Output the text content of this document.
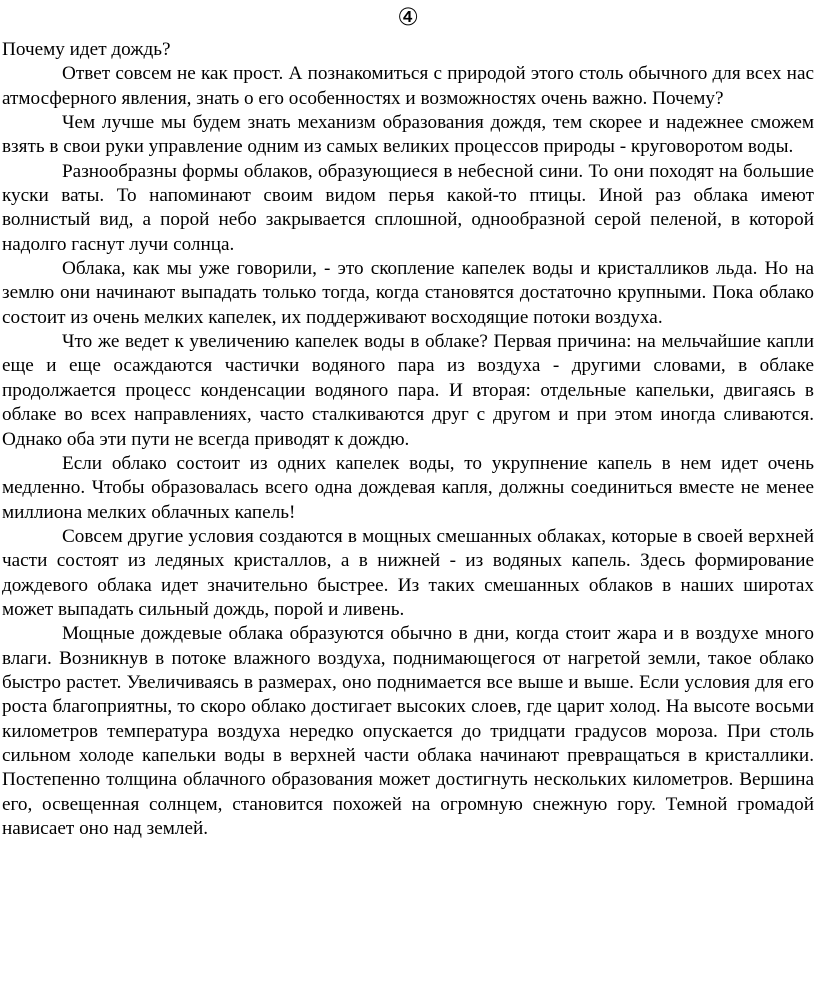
④

Почему идет дождь?

Ответ совсем не как прост. А познакомиться с природой этого столь обычного для всех нас атмосферного явления, знать о его особенностях и возможностях очень важно. Почему?

Чем лучше мы будем знать механизм образования дождя, тем скорее и надежнее сможем взять в свои руки управление одним из самых великих процессов природы - круговоротом воды.

Разнообразны формы облаков, образующиеся в небесной сини. То они походят на большие куски ваты. То напоминают своим видом перья какой-то птицы. Иной раз облака имеют волнистый вид, а порой небо закрывается сплошной, однообразной серой пеленой, в которой надолго гаснут лучи солнца.

Облака, как мы уже говорили, - это скопление капелек воды и кристалликов льда. Но на землю они начинают выпадать только тогда, когда становятся достаточно крупными. Пока облако состоит из очень мелких капелек, их поддерживают восходящие потоки воздуха.

Что же ведет к увеличению капелек воды в облаке? Первая причина: на мельчайшие капли еще и еще осаждаются частички водяного пара из воздуха - другими словами, в облаке продолжается процесс конденсации водяного пара. И вторая: отдельные капельки, двигаясь в облаке во всех направлениях, часто сталкиваются друг с другом и при этом иногда сливаются. Однако оба эти пути не всегда приводят к дождю.

Если облако состоит из одних капелек воды, то укрупнение капель в нем идет очень медленно. Чтобы образовалась всего одна дождевая капля, должны соединиться вместе не менее миллиона мелких облачных капель!

Совсем другие условия создаются в мощных смешанных облаках, которые в своей верхней части состоят из ледяных кристаллов, а в нижней - из водяных капель. Здесь формирование дождевого облака идет значительно быстрее. Из таких смешанных облаков в наших широтах может выпадать сильный дождь, порой и ливень.

Мощные дождевые облака образуются обычно в дни, когда стоит жара и в воздухе много влаги. Возникнув в потоке влажного воздуха, поднимающегося от нагретой земли, такое облако быстро растет. Увеличиваясь в размерах, оно поднимается все выше и выше. Если условия для его роста благоприятны, то скоро облако достигает высоких слоев, где царит холод. На высоте восьми километров температура воздуха нередко опускается до тридцати градусов мороза. При столь сильном холоде капельки воды в верхней части облака начинают превращаться в кристаллики. Постепенно толщина облачного образования может достигнуть нескольких километров. Вершина его, освещенная солнцем, становится похожей на огромную снежную гору. Темной громадой нависает оно над землей.
